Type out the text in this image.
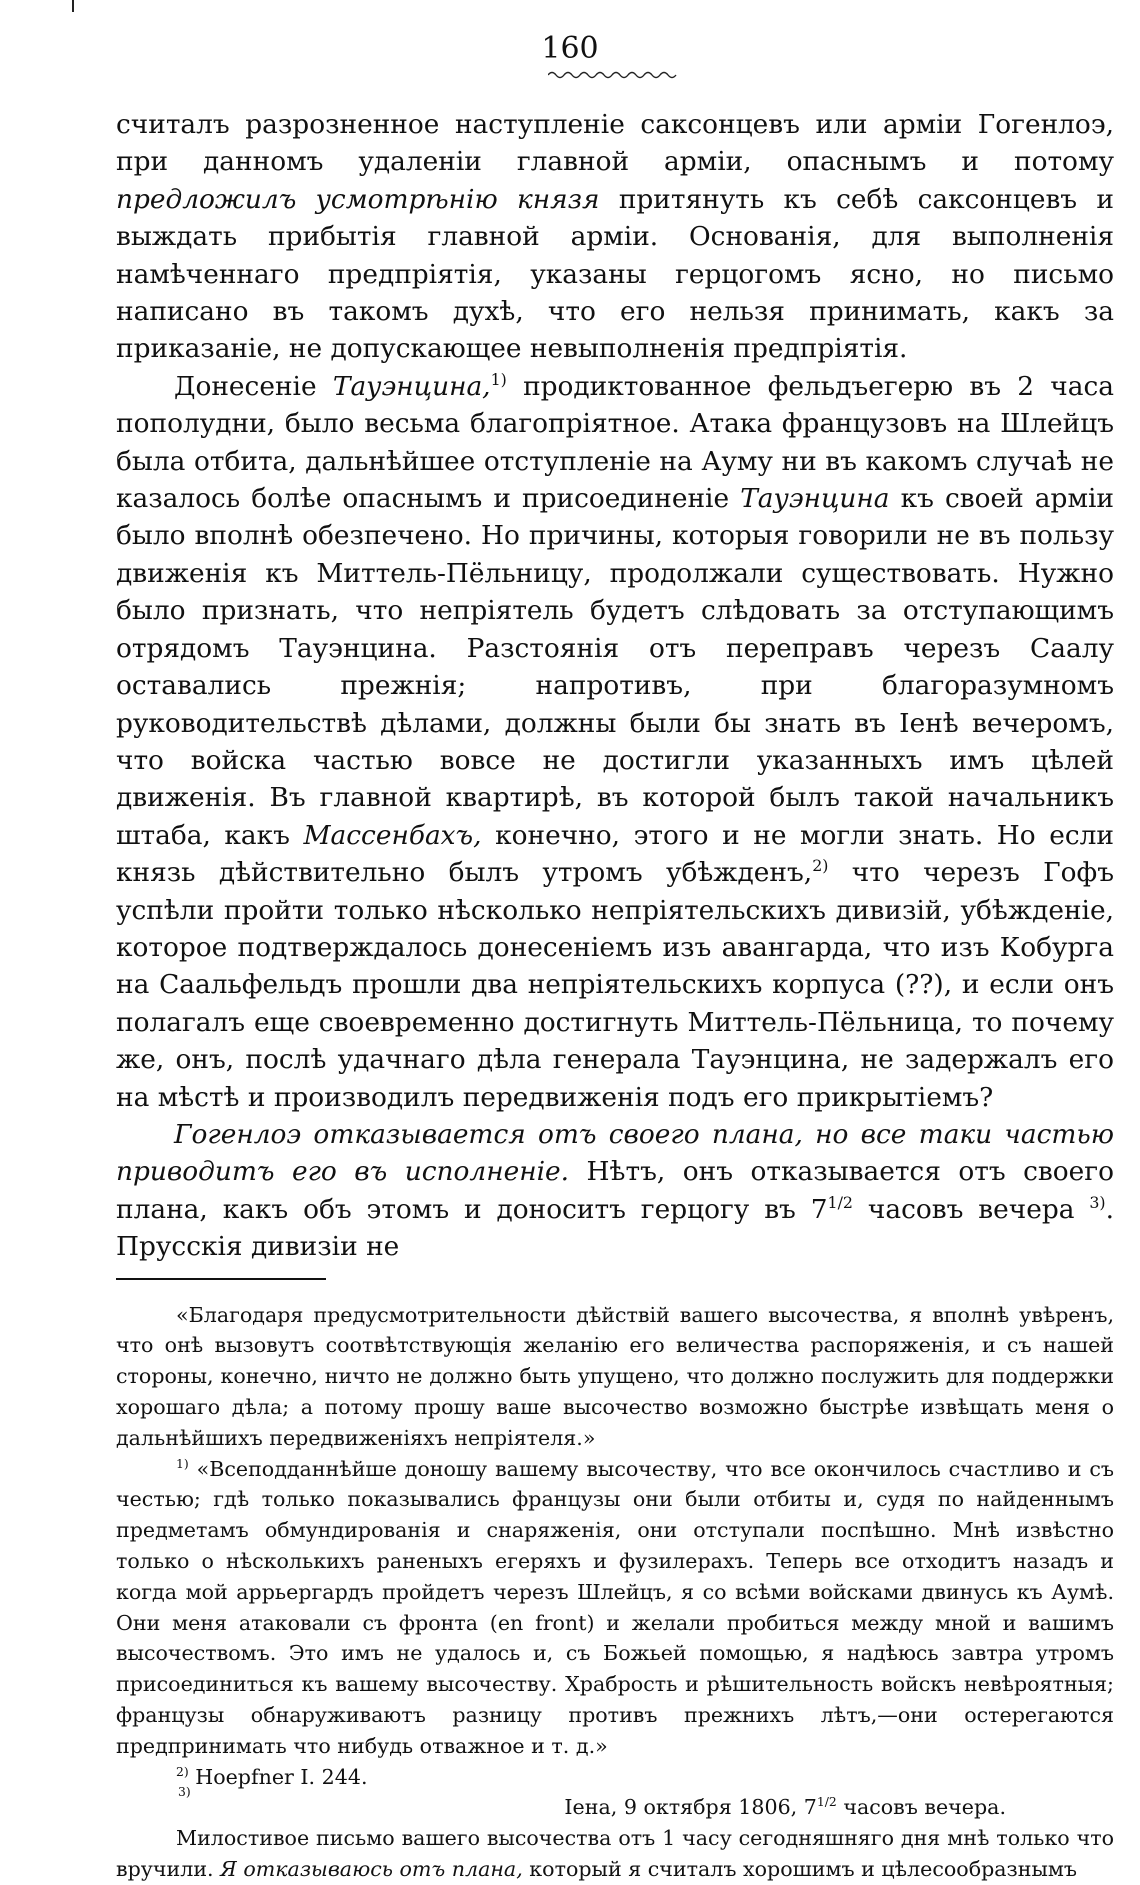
160

считалъ разрозненное наступленіе саксонцевъ или арміи Гогенлоэ, при даннoмъ удаленіи главной арміи, опаснымъ и потому предложилъ усмотрѣнію князя притянуть къ себѣ саксонцевъ и выждать прибытія главной арміи. Основанія, для выполненія намѣченнаго предпріятія, указаны герцогомъ ясно, но письмо написано въ такомъ духѣ, что его нельзя принимать, какъ за приказаніе, не допускающее невыполненія предпріятія.

Донесеніе Тауэнцина,$^{1)}$ продиктованное фельдъегерю въ 2 часа пополудни, было весьма благопріятное. Атака французовъ на Шлейцъ была отбита, дальнѣйшее отступленіе на Ауму ни въ какомъ случаѣ не казалось болѣе опаснымъ и присоединеніе Тауэнцина къ своей арміи было вполнѣ обезпечено. Но причины, которыя говорили не въ пользу движенія къ Миттель-Пёльницу, продолжали существовать. Нужно было признать, что непріятель будетъ слѣдовать за отступающимъ отрядомъ Тауэнцина. Разстоянія отъ переправъ черезъ Саалу оставались прежнія; напротивъ, при благоразумномъ руководительствѣ дѣлами, должны были бы знать въ Іенѣ вечеромъ, что войска частью вовсе не достигли указанныхъ имъ цѣлей движенія. Въ главной квартирѣ, въ которой былъ такой начальникъ штаба, какъ Массенбахъ, конечно, этого и не могли знать. Но если князь дѣйствительно былъ утромъ убѣжденъ,$^{2)}$ что черезъ Гофъ успѣли пройти только нѣсколько непріятельскихъ дивизій, убѣжденіе, которое подтверждалось донесеніемъ изъ авангарда, что изъ Кобурга на Саальфельдъ прошли два непріятельскихъ корпуса (??), и если онъ полагалъ еще своевременно достигнуть Миттель-Пёльница, то почему же, онъ, послѣ удачнаго дѣла генерала Тауэнцина, не задержалъ его на мѣстѣ и производилъ передвиженія подъ его прикрытіемъ?

Гогенлоэ отказывается отъ своего плана, но все таки частью приводитъ его въ исполненіе. Нѣтъ, онъ отказывается отъ своего плана, какъ объ этомъ и доноситъ герцогу въ $7^{1/2}$ часовъ вечера $^{3)}$. Прусскія дивизіи не

«Благодаря предусмотрительности дѣйствій вашего высочества, я вполнѣ увѣренъ, что онѣ вызовутъ соотвѣтствующія желанію его величества распоряженія, и съ нашей стороны, конечно, ничто не должно быть упущено, что должно послужить для поддержки хорошаго дѣла; а потому прошу ваше высочество возможно быстрѣе извѣщать меня о дальнѣйшихъ передвиженіяхъ непріятеля.»

$^{1)}$ «Всеподданнѣйше доношу вашему высочеству, что все окончилось счастливо и съ честью; гдѣ только показывались французы они были отбиты и, судя по найденнымъ предметамъ обмундированія и снаряженія, они отступали поспѣшно. Мнѣ извѣстно только о нѣсколькихъ раненыхъ егеряхъ и фузилерахъ. Теперь все отходитъ назадъ и когда мой аррьергардъ пройдетъ черезъ Шлейцъ, я со всѣми войсками двинусь къ Аумѣ. Они меня атаковали съ фронта (en front) и желали пробиться между мной и вашимъ высочествомъ. Это имъ не удалось и, съ Божьей помощью, я надѣюсь завтра утромъ присоединиться къ вашему высочеству. Храбрость и рѣшительность войскъ невѣроятныя; французы обнаруживаютъ разницу противъ прежнихъ лѣтъ,—они остерегаются предпринимать что нибудь отважное и т. д.»

$^{2)}$ Hoepfner I. 244.

3)
Іена, 9 октября 1806, $7^{1/2}$ часовъ вечера.

Милостивое письмо вашего высочества отъ 1 часу сегодняшняго дня мнѣ только что вручили. Я отказываюсь отъ плана, который я считалъ хорошимъ и цѣлесообразнымъ
